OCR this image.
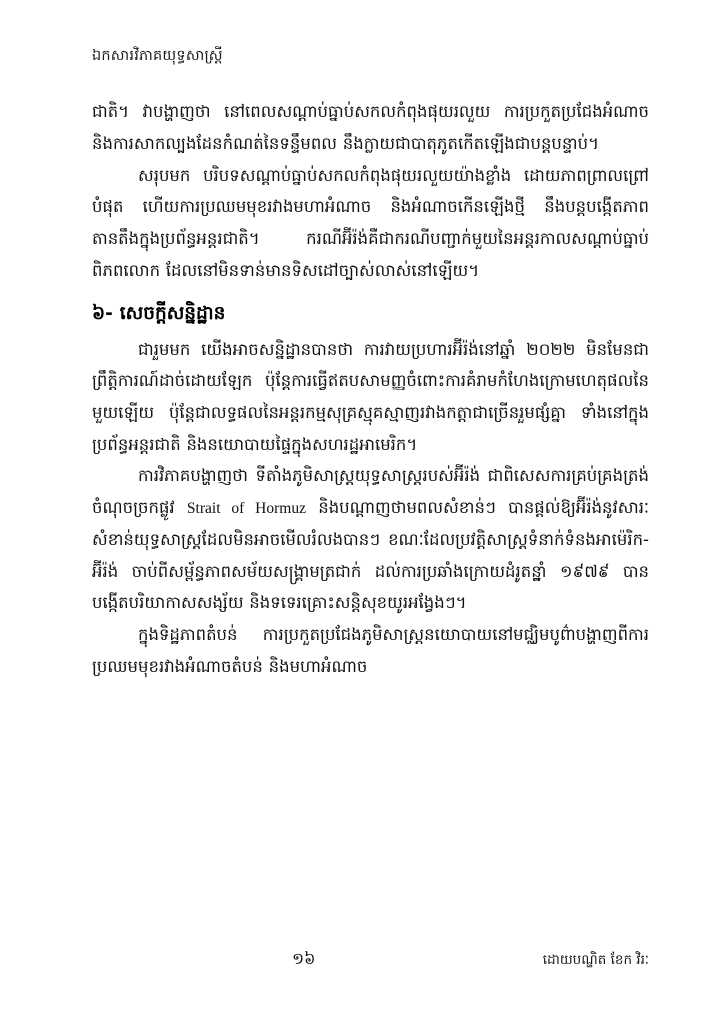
ឯកសារវិភាគយុទ្ធសាស្ត្រី

ជាតិ។ វាបង្ហាញថា នៅពេលសណ្តាប់ធ្នាប់សកលកំពុងផុយរលួយ ការប្រកួតប្រជែងអំណាច និងការសាកល្បងដែនកំណត់នៃទន្ទឹមពល នឹងក្លាយជាបាតុភូតកើតឡើងជាបន្តបន្ទាប់។

សរុបមក បរិបទសណ្តាប់ធ្នាប់សកលកំពុងផុយរលួយយ៉ាងខ្លាំង ដោយភាពព្រាលព្រៅបំផុត ហើយការប្រឈមមុខរវាងមហាអំណាច និងអំណាចកើនឡើងថ្មី នឹងបន្តបង្កើតភាពតានតឹងក្នុងប្រព័ន្ធអន្តរជាតិ។ ករណីអ៊ីរ៉ង់គឺជាករណីបញ្ជាក់មួយនៃអន្តរកាលសណ្តាប់ធ្នាប់ពិភពលោក ដែលនៅមិនទាន់មានទិសដៅច្បាស់លាស់នៅឡើយ។

៦- សេចក្តីសន្និដ្ឋាន

ជារួមមក យើងអាចសន្និដ្ឋានបានថា ការវាយប្រហារអ៊ីរ៉ង់នៅឆ្នាំ ២០២២ មិនមែនជាព្រឹត្តិការណ៍ដាច់ដោយឡែក ប៉ុន្តែការធ្វើឥតបសាមញ្ញចំពោះការគំរាមកំហែងក្រោមហេតុផលនៃមួយឡើយ ប៉ុន្តែជាលទ្ធផលនៃអន្តរកម្មសុគ្រស្មុគស្មាញរវាងកត្តាជាច្រើនរួមផ្សំគ្នា ទាំងនៅក្នុងប្រព័ន្ធអន្តរជាតិ និងនយោបាយផ្ទៃក្នុងសហរដ្ឋអាមេរិក។

ការវិភាគបង្ហាញថា ទីតាំងភូមិសាស្ត្រយុទ្ធសាស្ត្ររបស់អ៊ីរ៉ង់ ជាពិសេសការគ្រប់គ្រងត្រង់ចំណុចច្រកផ្លូវ Strait of Hormuz និងបណ្តាញថាមពលសំខាន់ៗ បានផ្តល់ឱ្យអ៊ីរ៉ង់នូវសារៈសំខាន់យុទ្ធសាស្ត្រដែលមិនអាចមើលរំលងបានៗ ខណៈដែលប្រវត្តិសាស្ត្រទំនាក់ទំនងអាម៉េរិក-អ៊ីរ៉ង់ ចាប់ពីសម័្ពន្ធភាពសម័យសង្គ្រាមត្រជាក់ ដល់ការប្រឆាំងក្រោយដំរូតន្ឋ្នាំ ១៩៧៩ បានបង្កើតបរិយាកាសសង្ស័យ និងទទេរគ្រោះសន្តិសុខយូរអង្វែងៗ។

ក្នុងទិដ្ឋភាពតំបន់ ការប្រកួតប្រជែងភូមិសាស្ត្រនយោបាយនៅមជ្ឈិមបូព៌ាបង្ហាញពីការប្រឈមមុខរវាងអំណាចតំបន់ និងមហាអំណាច

១៦	ដោយបណ្ឌិត ខែក វិរៈ
